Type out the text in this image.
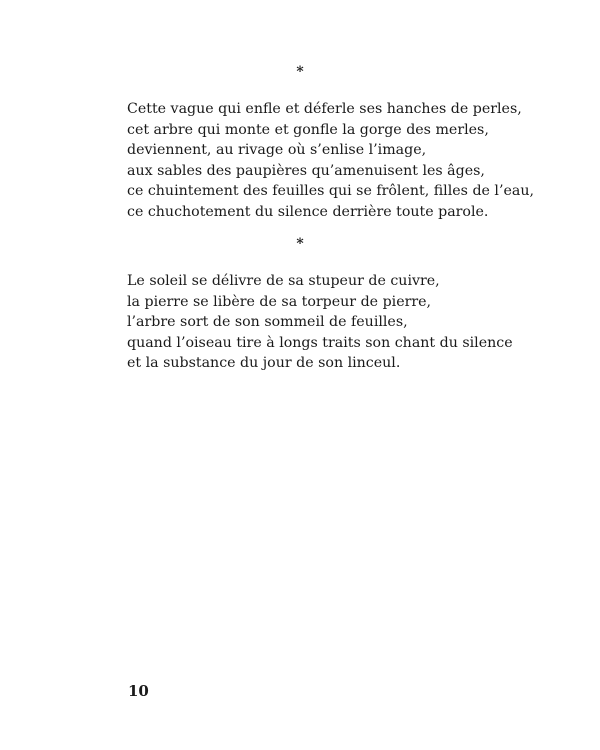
*
Cette vague qui enfle et déferle ses hanches de perles,
cet arbre qui monte et gonfle la gorge des merles,
deviennent, au rivage où s’enlise l’image,
aux sables des paupières qu’amenuisent les âges,
ce chuintement des feuilles qui se frôlent, filles de l’eau,
ce chuchotement du silence derrière toute parole.
*
Le soleil se délivre de sa stupeur de cuivre,
la pierre se libère de sa torpeur de pierre,
l’arbre sort de son sommeil de feuilles,
quand l’oiseau tire à longs traits son chant du silence
et la substance du jour de son linceul.
10
